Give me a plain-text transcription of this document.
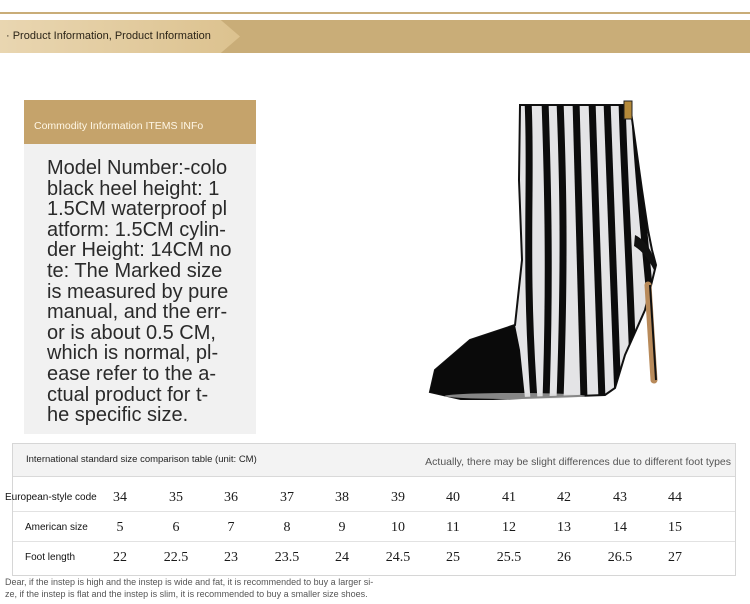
· Product Information, Product Information
Commodity Information ITEMS INFo
Model Number:-colo
black heel height: 1
1.5CM waterproof pl
atform: 1.5CM cylin-
der Height: 14CM no
te: The Marked size
is measured by pure
manual, and the err-
or is about 0.5 CM,
which is normal, pl-
ease refer to the a-
ctual product for t-
he specific size.
International standard size comparison table (unit: CM)	Actually, there may be slight differences due to different foot types
European-style code	34	35	36	37	38	39	40	41	42	43	44
American size	5	6	7	8	9	10	11	12	13	14	15
Foot length	22	22.5	23	23.5	24	24.5	25	25.5	26	26.5	27
Dear, if the instep is high and the instep is wide and fat, it is recommended to buy a larger si-
ze, if the instep is flat and the instep is slim, it is recommended to buy a smaller size shoes.
